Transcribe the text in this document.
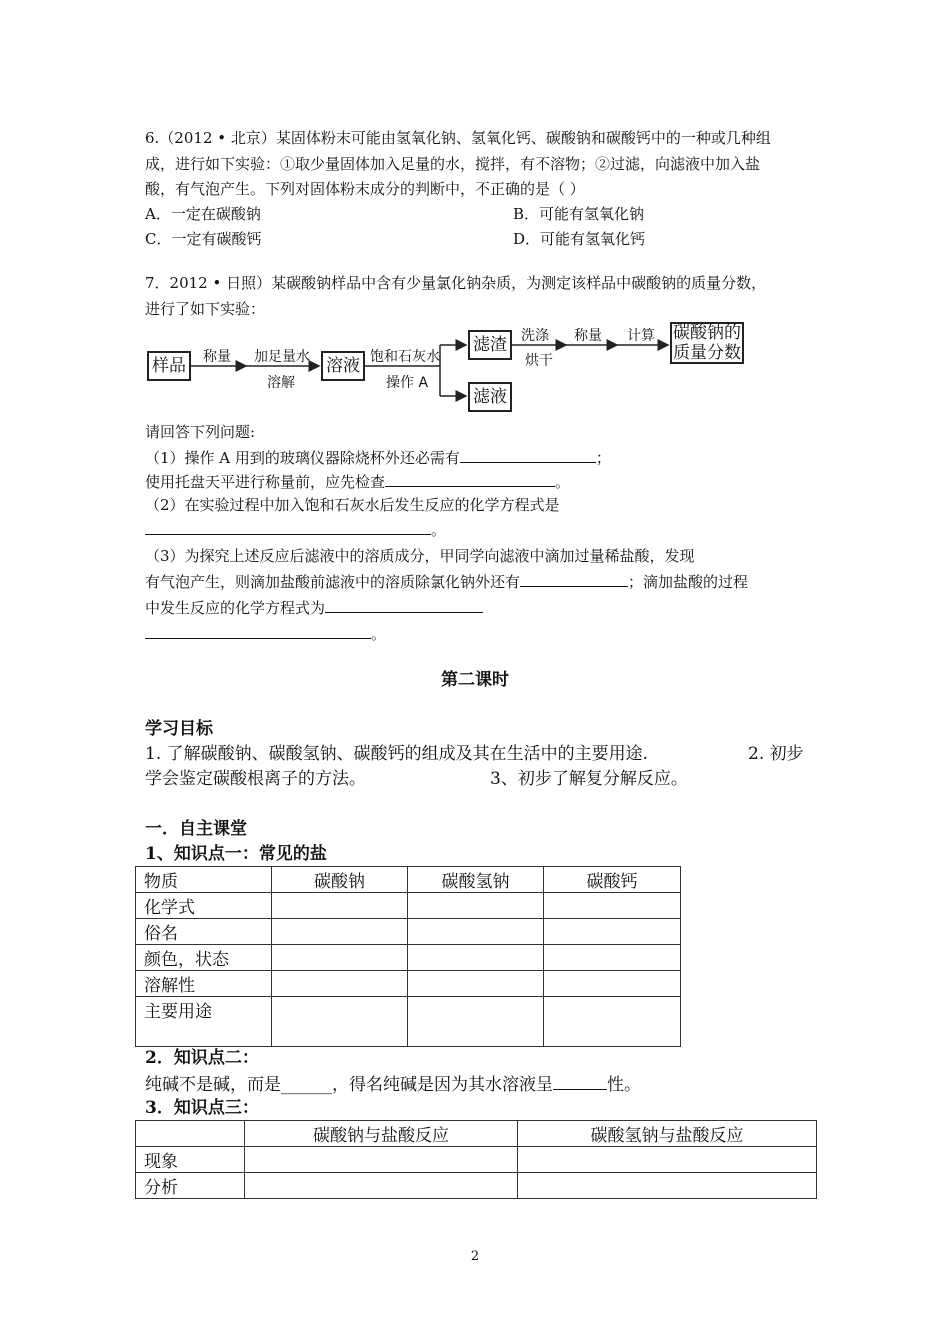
6.（2012 • 北京）某固体粉末可能由氢氧化钠、氢氧化钙、碳酸钠和碳酸钙中的一种或几种组
成，进行如下实验：①取少量固体加入足量的水，搅拌，有不溶物；②过滤，向滤液中加入盐
酸，有气泡产生。下列对固体粉末成分的判断中，不正确的是（ ）
A．一定在碳酸钠	B．可能有氢氧化钠
C．一定有碳酸钙	D．可能有氢氧化钙
7．2012 • 日照）某碳酸钠样品中含有少量氯化钠杂质，为测定该样品中碳酸钠的质量分数，
进行了如下实验：
样品	溶液
滤渣
滤液
碳酸钠的
质量分数
称量 加足量水
溶解
饱和石灰水
操作 A
洗涤
烘干
称量 计算
请回答下列问题:
（1）操作 A 用到的玻璃仪器除烧杯外还必需有	；
使用托盘天平进行称量前，应先检查	。
（2）在实验过程中加入饱和石灰水后发生反应的化学方程式是
。
（3）为探究上述反应后滤液中的溶质成分，甲同学向滤液中滴加过量稀盐酸，发现
有气泡产生，则滴加盐酸前滤液中的溶质除氯化钠外还有	；滴加盐酸的过程
中发生反应的化学方程式为
。
第二课时
学习目标
1. 了解碳酸钠、碳酸氢钠、碳酸钙的组成及其在生活中的主要用途.	2. 初步
学会鉴定碳酸根离子的方法。	3、初步了解复分解反应。
一．自主课堂
1、知识点一：常见的盐
物质	碳酸钠	碳酸氢钠	碳酸钙
化学式			
俗名			
颜色，状态			
溶解性			
主要用途			
2．知识点二：
纯碱不是碱，而是______，得名纯碱是因为其水溶液呈	性。
3．知识点三：
	碳酸钠与盐酸反应	碳酸氢钠与盐酸反应
现象		
分析		
2
